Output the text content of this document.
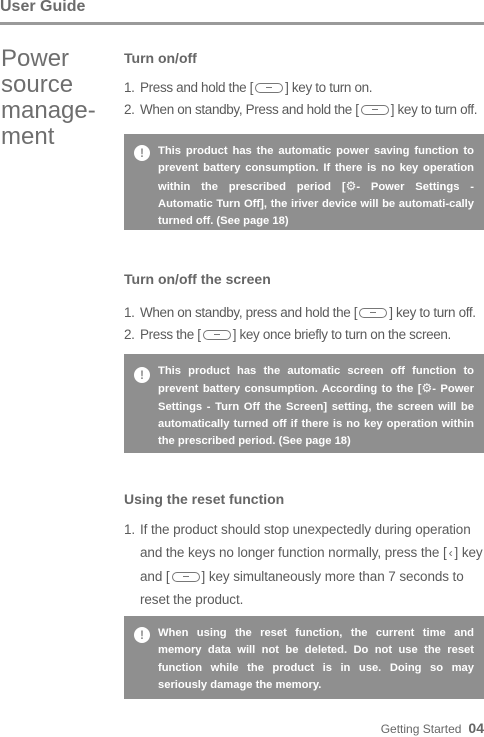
User Guide
Power source manage-ment
Turn on/off
1. Press and hold the [ ] key to turn on.
2. When on standby, Press and hold the [ ] key to turn off.
!	This product has the automatic power saving function to prevent battery consumption. If there is no key operation within the prescribed period [⚙- Power Settings - Automatic Turn Off], the iriver device will be automati-cally turned off. (See page 18)
Turn on/off the screen
1. When on standby, press and hold the [ ] key to turn off.
2. Press the [ ] key once briefly to turn on the screen.
!	This product has the automatic screen off function to prevent battery consumption. According to the [⚙- Power Settings - Turn Off the Screen] setting, the screen will be automatically turned off if there is no key operation within the prescribed period. (See page 18)
Using the reset function
1. If the product should stop unexpectedly during operation and the keys no longer function normally, press the [ ‹ ] key and [ ] key simultaneously more than 7 seconds to reset the product.
!	When using the reset function, the current time and memory data will not be deleted. Do not use the reset function while the product is in use. Doing so may seriously damage the memory.
Getting Started 04
